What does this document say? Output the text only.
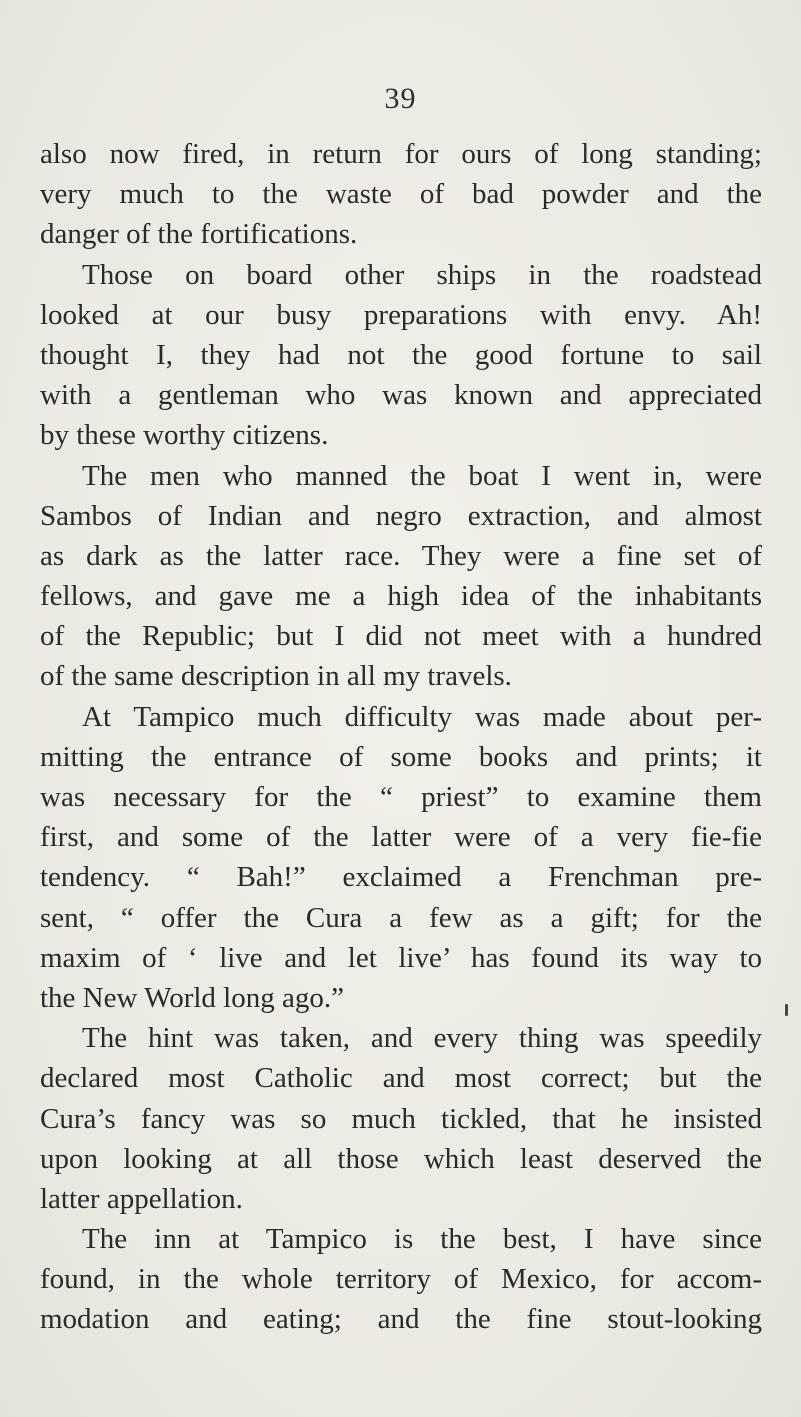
39
also now fired, in return for ours of long standing;
very much to the waste of bad powder and the
danger of the fortifications.
Those on board other ships in the roadstead
looked at our busy preparations with envy. Ah!
thought I, they had not the good fortune to sail
with a gentleman who was known and appreciated
by these worthy citizens.
The men who manned the boat I went in, were
Sambos of Indian and negro extraction, and almost
as dark as the latter race. They were a fine set of
fellows, and gave me a high idea of the inhabitants
of the Republic; but I did not meet with a hundred
of the same description in all my travels.
At Tampico much difficulty was made about per-
mitting the entrance of some books and prints; it
was necessary for the “ priest” to examine them
first, and some of the latter were of a very fie-fie
tendency. “ Bah!” exclaimed a Frenchman pre-
sent, “ offer the Cura a few as a gift; for the
maxim of ‘ live and let live’ has found its way to
the New World long ago.”
The hint was taken, and every thing was speedily
declared most Catholic and most correct; but the
Cura’s fancy was so much tickled, that he insisted
upon looking at all those which least deserved the
latter appellation.
The inn at Tampico is the best, I have since
found, in the whole territory of Mexico, for accom-
modation and eating; and the fine stout-looking
